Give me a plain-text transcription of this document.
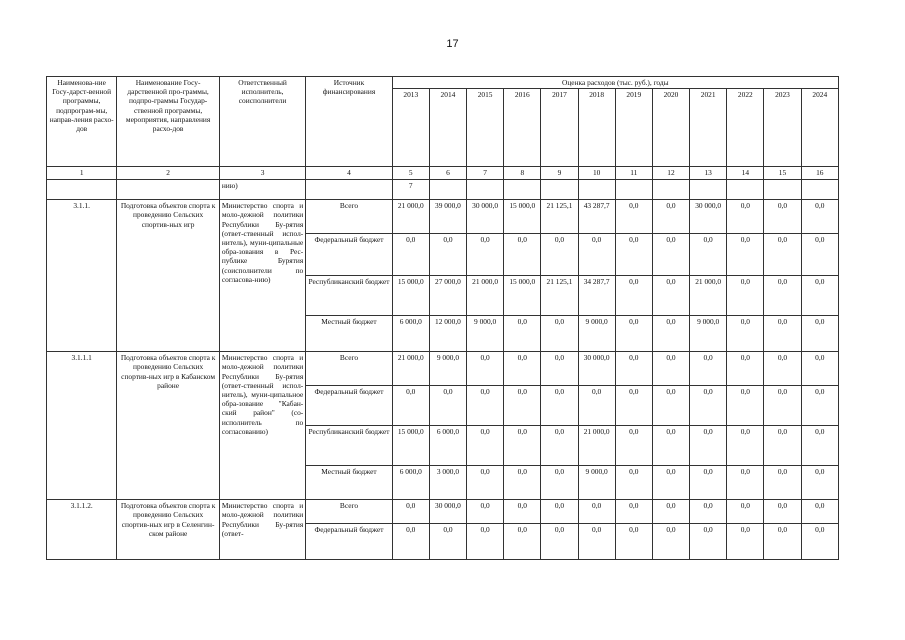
17
Наименова-ние Госу-дарст-венной программы, подпрограм-мы, направ-ления расхо-дов	Наименование Госу-дарственной про-граммы, подпро-граммы Государ-ственной программы, мероприятия, направления расхо-дов	Ответственный исполнитель, соисполнители	Источник финансирования	Оценка расходов (тыс. руб.), годы											
				2013	2014	2015	2016	2017	2018	2019	2020	2021	2022	2023	2024
1	2	3	4	5	6	7	8	9	10	11	12	13	14	15	16
		нию)		7											
3.1.1.	Подготовка объектов спорта к проведению Сельских спортив-ных игр	Министерство спорта и моло-дежной политики Республики Бу-рятия (ответ-ственный испол-нитель), муни-ципальные обра-зования в Рес-публике Бурятия (соисполнители по согласова-нию)	Всего	21 000,0	39 000,0	30 000,0	15 000,0	21 125,1	43 287,7	0,0	0,0	30 000,0	0,0	0,0	0,0
			Федеральный бюджет	0,0	0,0	0,0	0,0	0,0	0,0	0,0	0,0	0,0	0,0	0,0	0,0
			Республиканский бюджет	15 000,0	27 000,0	21 000,0	15 000,0	21 125,1	34 287,7	0,0	0,0	21 000,0	0,0	0,0	0,0
			Местный бюджет	6 000,0	12 000,0	9 000,0	0,0	0,0	9 000,0	0,0	0,0	9 000,0	0,0	0,0	0,0
3.1.1.1	Подготовка объектов спорта к проведению Сельских спортив-ных игр в Кабанском районе	Министерство спорта и моло-дежной политики Республики Бу-рятия (ответ-ственный испол-нитель), муни-ципальное обра-зование "Кабан-ский район" (со-исполнитель по согласованию)	Всего	21 000,0	9 000,0	0,0	0,0	0,0	30 000,0	0,0	0,0	0,0	0,0	0,0	0,0
			Федеральный бюджет	0,0	0,0	0,0	0,0	0,0	0,0	0,0	0,0	0,0	0,0	0,0	0,0
			Республиканский бюджет	15 000,0	6 000,0	0,0	0,0	0,0	21 000,0	0,0	0,0	0,0	0,0	0,0	0,0
			Местный бюджет	6 000,0	3 000,0	0,0	0,0	0,0	9 000,0	0,0	0,0	0,0	0,0	0,0	0,0
3.1.1.2.	Подготовка объектов спорта к проведению Сельских спортив-ных игр в Селенгин-ском районе	Министерство спорта и моло-дежной политики Республики Бу-рятия (ответ-	Всего	0,0	30 000,0	0,0	0,0	0,0	0,0	0,0	0,0	0,0	0,0	0,0	0,0
			Федеральный бюджет	0,0	0,0	0,0	0,0	0,0	0,0	0,0	0,0	0,0	0,0	0,0	0,0
